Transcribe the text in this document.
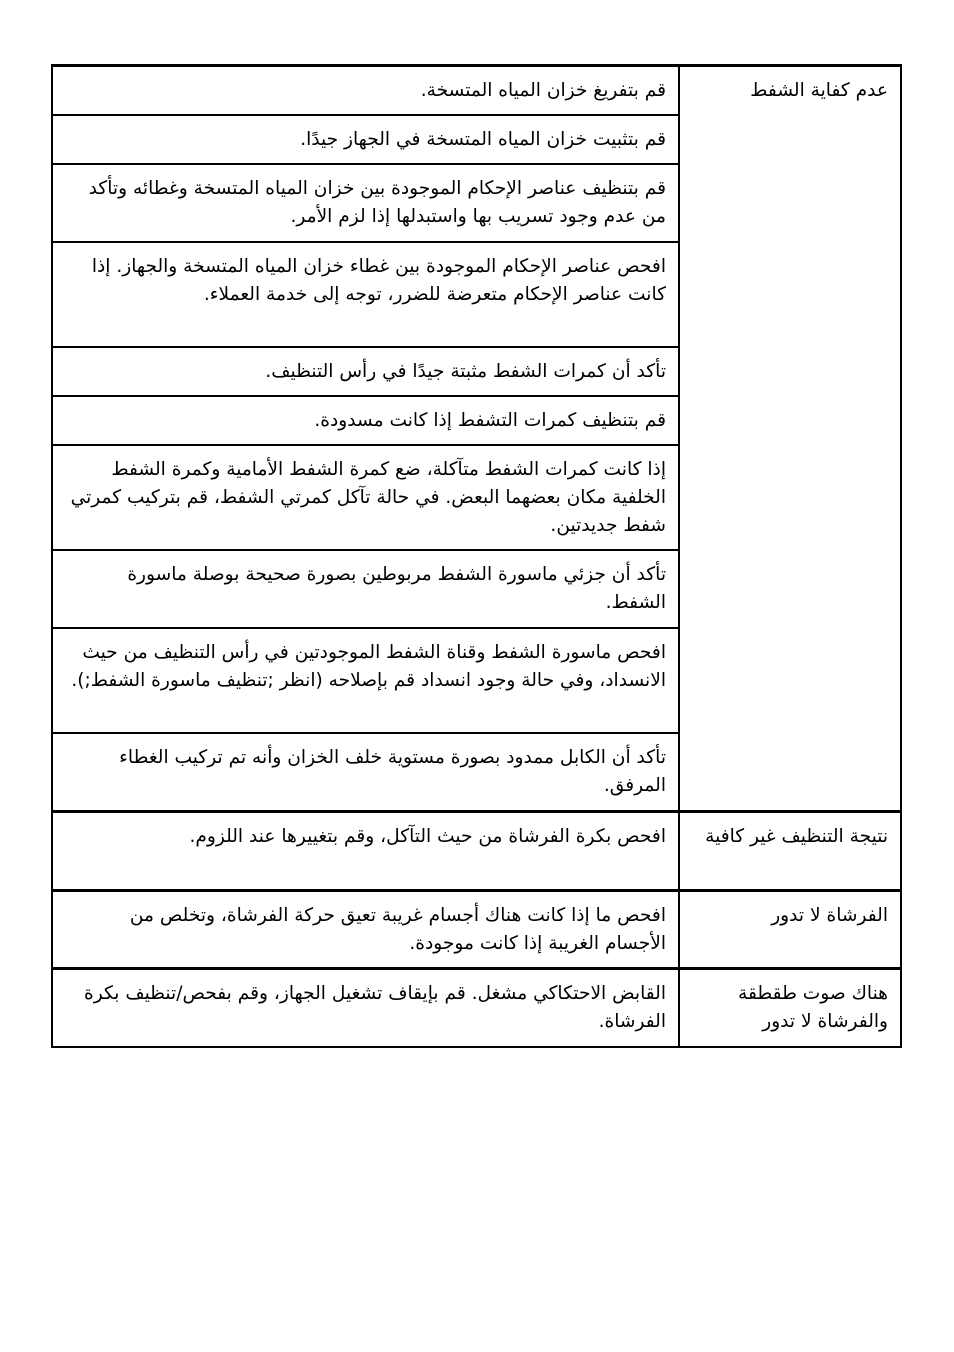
عدم كفاية الشفط	قم بتفريغ خزان المياه المتسخة.
	قم بتثبيت خزان المياه المتسخة في الجهاز جيدًا.
	قم بتنظيف عناصر الإحكام الموجودة بين خزان المياه المتسخة وغطائه وتأكد من عدم وجود تسريب بها واستبدلها إذا لزم الأمر.
	افحص عناصر الإحكام الموجودة بين غطاء خزان المياه المتسخة والجهاز. إذا كانت عناصر الإحكام متعرضة للضرر، توجه إلى خدمة العملاء.
	تأكد أن كمرات الشفط مثبتة جيدًا في رأس التنظيف.
	قم بتنظيف كمرات التشفط إذا كانت مسدودة.
	إذا كانت كمرات الشفط متآكلة، ضع كمرة الشفط الأمامية وكمرة الشفط الخلفية مكان بعضهما البعض. في حالة تآكل كمرتي الشفط، قم بتركيب كمرتي شفط جديدتين.
	تأكد أن جزئي ماسورة الشفط مربوطين بصورة صحيحة بوصلة ماسورة الشفط.
	افحص ماسورة الشفط وقناة الشفط الموجودتين في رأس التنظيف من حيث الانسداد، وفي حالة وجود انسداد قم بإصلاحه (انظر ;تنظيف ماسورة الشفط;).
	تأكد أن الكابل ممدود بصورة مستوية خلف الخزان وأنه تم تركيب الغطاء المرفق.
نتيجة التنظيف غير كافية	افحص بكرة الفرشاة من حيث التآكل، وقم بتغييرها عند اللزوم.
الفرشاة لا تدور	افحص ما إذا كانت هناك أجسام غريبة تعيق حركة الفرشاة، وتخلص من الأجسام الغريبة إذا كانت موجودة.
هناك صوت طقطقة والفرشاة لا تدور	القابض الاحتكاكي مشغل. قم بإيقاف تشغيل الجهاز، وقم بفحص/تنظيف بكرة الفرشاة.
